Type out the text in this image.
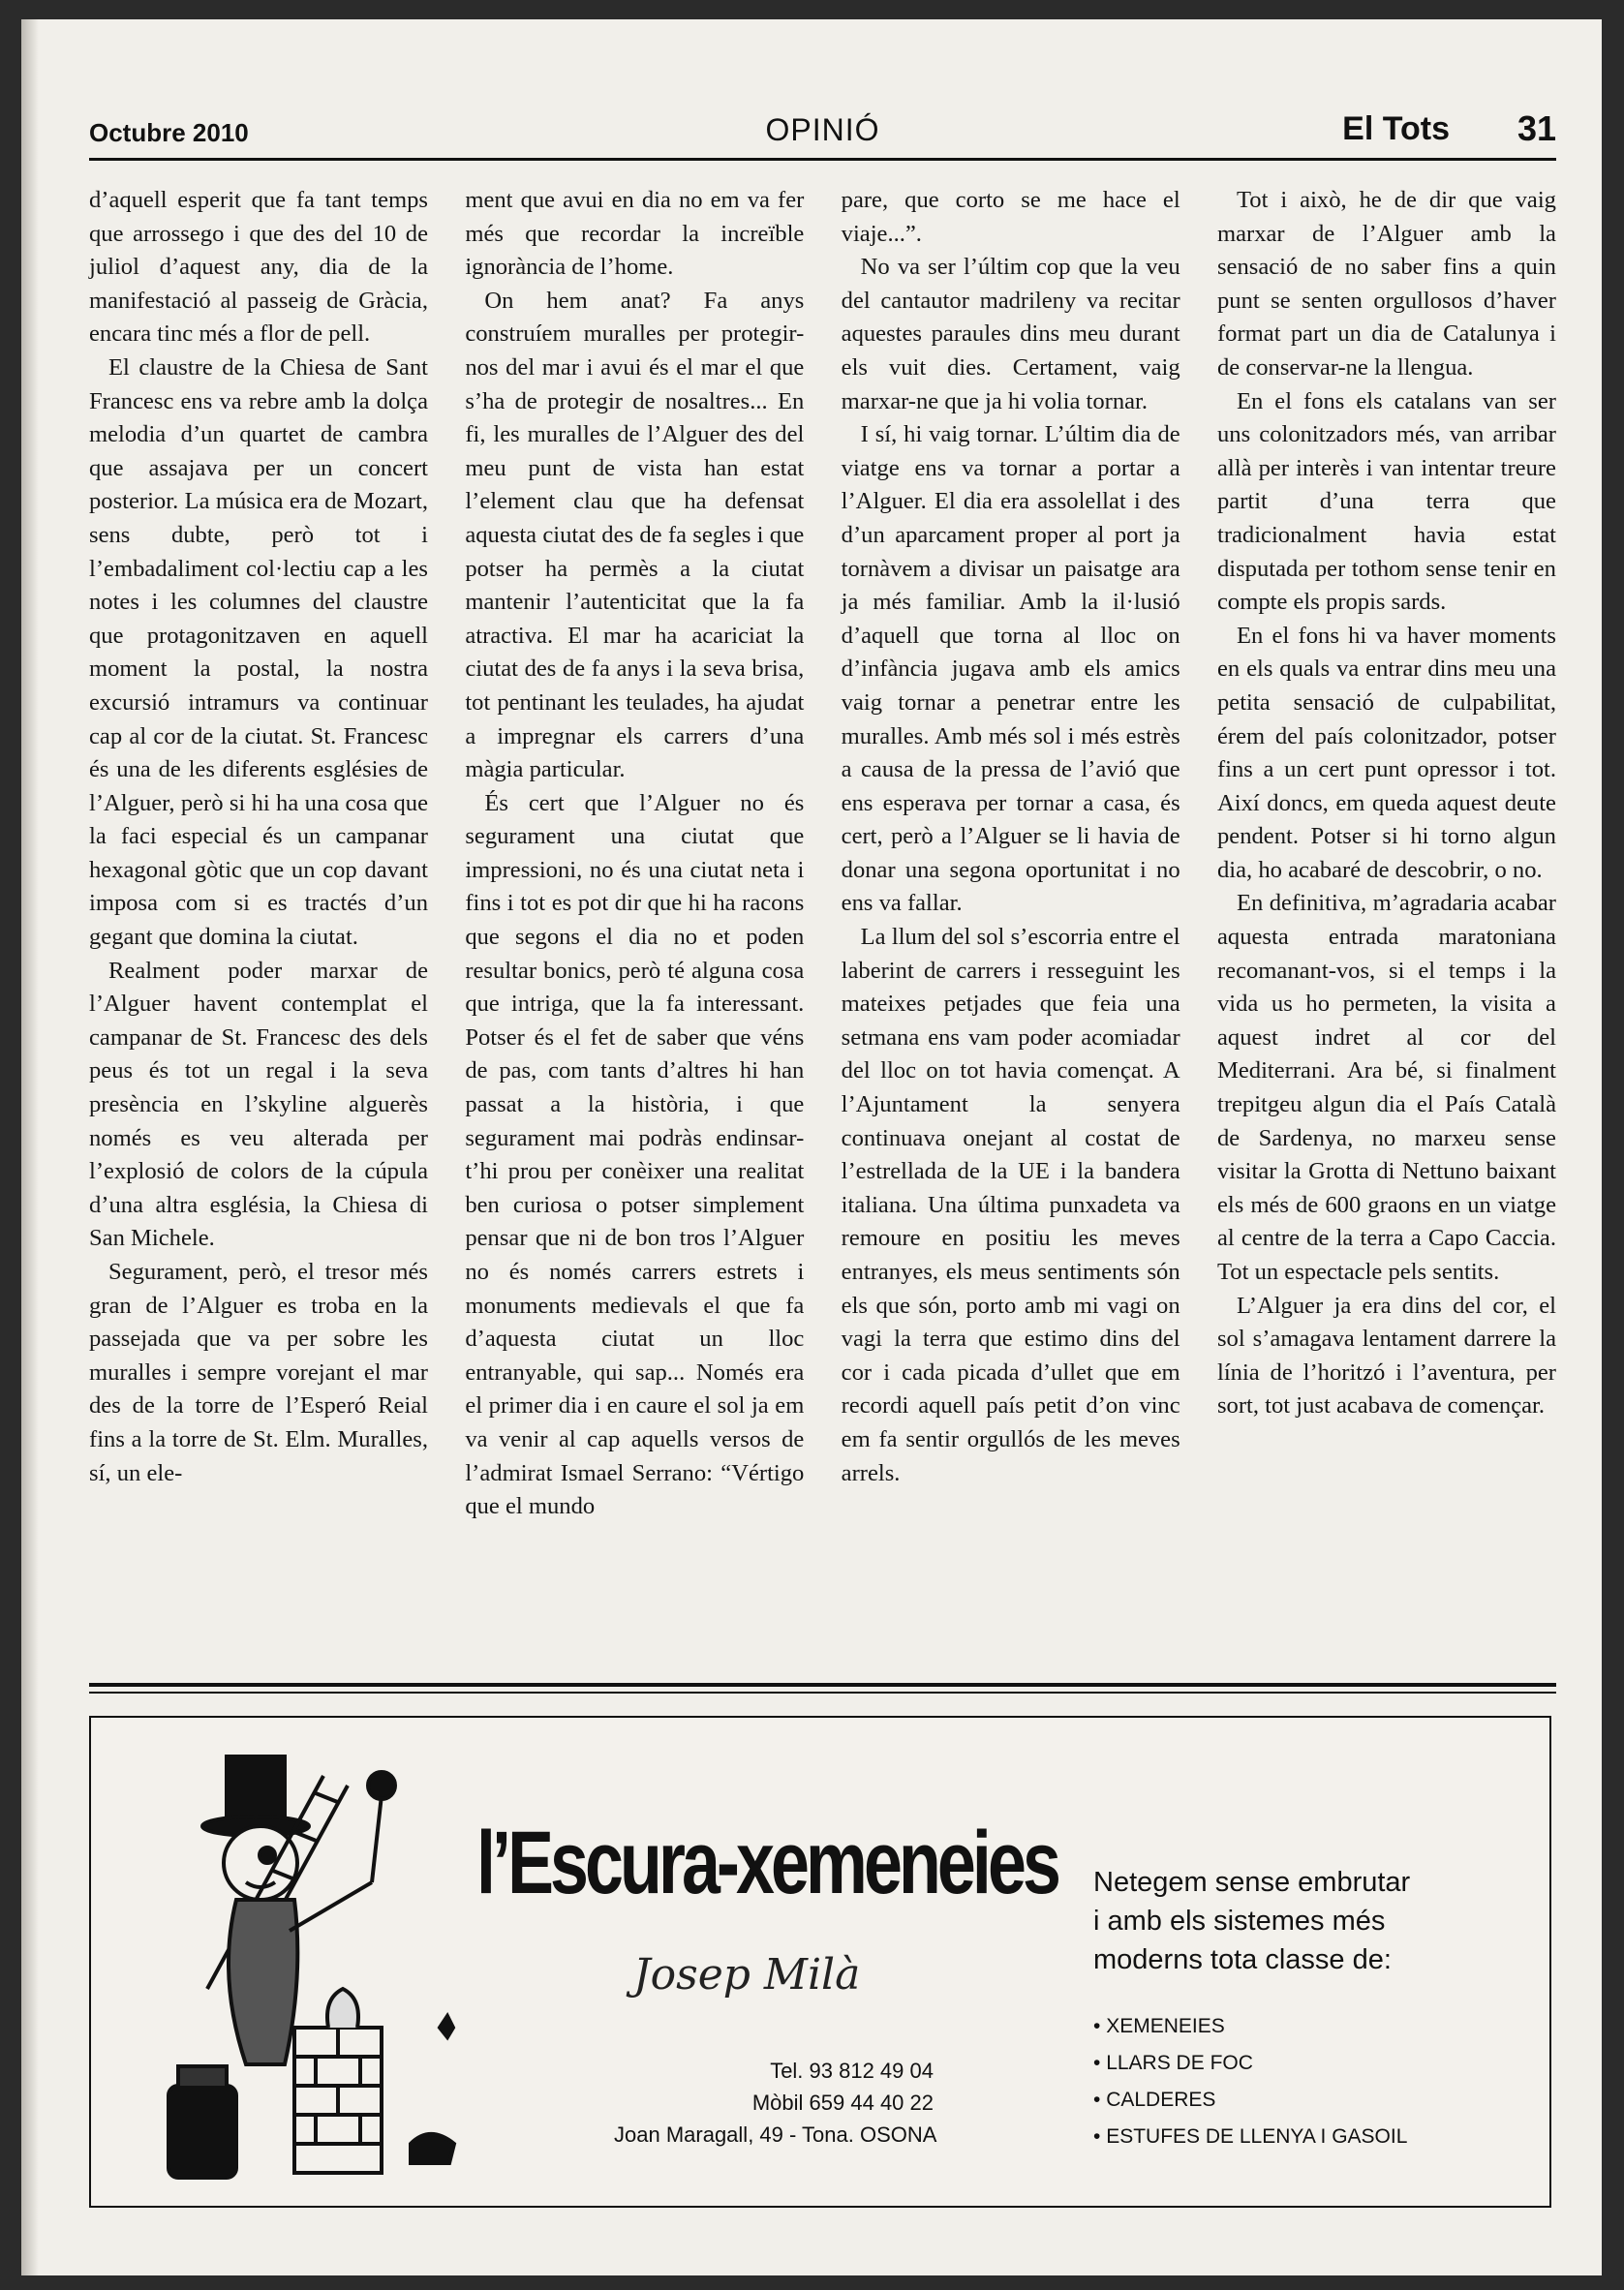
Octubre 2010	OPINIÓ	El Tots 31

d’aquell esperit que fa tant temps que arrossego i que des del 10 de juliol d’aquest any, dia de la manifestació al passeig de Gràcia, encara tinc més a flor de pell.

El claustre de la Chiesa de Sant Francesc ens va rebre amb la dolça melodia d’un quartet de cambra que assajava per un concert posterior. La música era de Mozart, sens dubte, però tot i l’embadaliment col·lectiu cap a les notes i les columnes del claustre que protagonitzaven en aquell moment la postal, la nostra excursió intramurs va continuar cap al cor de la ciutat. St. Francesc és una de les diferents esglésies de l’Alguer, però si hi ha una cosa que la faci especial és un campanar hexagonal gòtic que un cop davant imposa com si es tractés d’un gegant que domina la ciutat.

Realment poder marxar de l’Alguer havent contemplat el campanar de St. Francesc des dels peus és tot un regal i la seva presència en l’skyline alguerès només es veu alterada per l’explosió de colors de la cúpula d’una altra església, la Chiesa di San Michele.

Segurament, però, el tresor més gran de l’Alguer es troba en la passejada que va per sobre les muralles i sempre vorejant el mar des de la torre de l’Esperó Reial fins a la torre de St. Elm. Muralles, sí, un ele-

ment que avui en dia no em va fer més que recordar la increïble ignorància de l’home.

On hem anat? Fa anys construíem muralles per protegir-nos del mar i avui és el mar el que s’ha de protegir de nosaltres... En fi, les muralles de l’Alguer des del meu punt de vista han estat l’element clau que ha defensat aquesta ciutat des de fa segles i que potser ha permès a la ciutat mantenir l’autenticitat que la fa atractiva. El mar ha acariciat la ciutat des de fa anys i la seva brisa, tot pentinant les teulades, ha ajudat a impregnar els carrers d’una màgia particular.

És cert que l’Alguer no és segurament una ciutat que impressioni, no és una ciutat neta i fins i tot es pot dir que hi ha racons que segons el dia no et poden resultar bonics, però té alguna cosa que intriga, que la fa interessant. Potser és el fet de saber que véns de pas, com tants d’altres hi han passat a la història, i que segurament mai podràs endinsar-t’hi prou per conèixer una realitat ben curiosa o potser simplement pensar que ni de bon tros l’Alguer no és només carrers estrets i monuments medievals el que fa d’aquesta ciutat un lloc entranyable, qui sap... Només era el primer dia i en caure el sol ja em va venir al cap aquells versos de l’admirat Ismael Serrano: “Vértigo que el mundo

pare, que corto se me hace el viaje...”.

No va ser l’últim cop que la veu del cantautor madrileny va recitar aquestes paraules dins meu durant els vuit dies. Certament, vaig marxar-ne que ja hi volia tornar.

I sí, hi vaig tornar. L’últim dia de viatge ens va tornar a portar a l’Alguer. El dia era assolellat i des d’un aparcament proper al port ja tornàvem a divisar un paisatge ara ja més familiar. Amb la il·lusió d’aquell que torna al lloc on d’infància jugava amb els amics vaig tornar a penetrar entre les muralles. Amb més sol i més estrès a causa de la pressa de l’avió que ens esperava per tornar a casa, és cert, però a l’Alguer se li havia de donar una segona oportunitat i no ens va fallar.

La llum del sol s’escorria entre el laberint de carrers i resseguint les mateixes petjades que feia una setmana ens vam poder acomiadar del lloc on tot havia començat. A l’Ajuntament la senyera continuava onejant al costat de l’estrellada de la UE i la bandera italiana. Una última punxadeta va remoure en positiu les meves entranyes, els meus sentiments són els que són, porto amb mi vagi on vagi la terra que estimo dins del cor i cada picada d’ullet que em recordi aquell país petit d’on vinc em fa sentir orgullós de les meves arrels.

Tot i això, he de dir que vaig marxar de l’Alguer amb la sensació de no saber fins a quin punt se senten orgullosos d’haver format part un dia de Catalunya i de conservar-ne la llengua.

En el fons els catalans van ser uns colonitzadors més, van arribar allà per interès i van intentar treure partit d’una terra que tradicionalment havia estat disputada per tothom sense tenir en compte els propis sards.

En el fons hi va haver moments en els quals va entrar dins meu una petita sensació de culpabilitat, érem del país colonitzador, potser fins a un cert punt opressor i tot. Així doncs, em queda aquest deute pendent. Potser si hi torno algun dia, ho acabaré de descobrir, o no.

En definitiva, m’agradaria acabar aquesta entrada maratoniana recomanant-vos, si el temps i la vida us ho permeten, la visita a aquest indret al cor del Mediterrani. Ara bé, si finalment trepitgeu algun dia el País Català de Sardenya, no marxeu sense visitar la Grotta di Nettuno baixant els més de 600 graons en un viatge al centre de la terra a Capo Caccia. Tot un espectacle pels sentits.

L’Alguer ja era dins del cor, el sol s’amagava lentament darrere la línia de l’horitzó i l’aventura, per sort, tot just acabava de començar.

l’Escura-xemeneies
Josep Milà
Tel. 93 812 49 04
Mòbil 659 44 40 22
Joan Maragall, 49 - Tona. OSONA
Netegem sense embrutar
i amb els sistemes més
moderns tota classe de:
• XEMENEIES
• LLARS DE FOC
• CALDERES
• ESTUFES DE LLENYA I GASOIL
